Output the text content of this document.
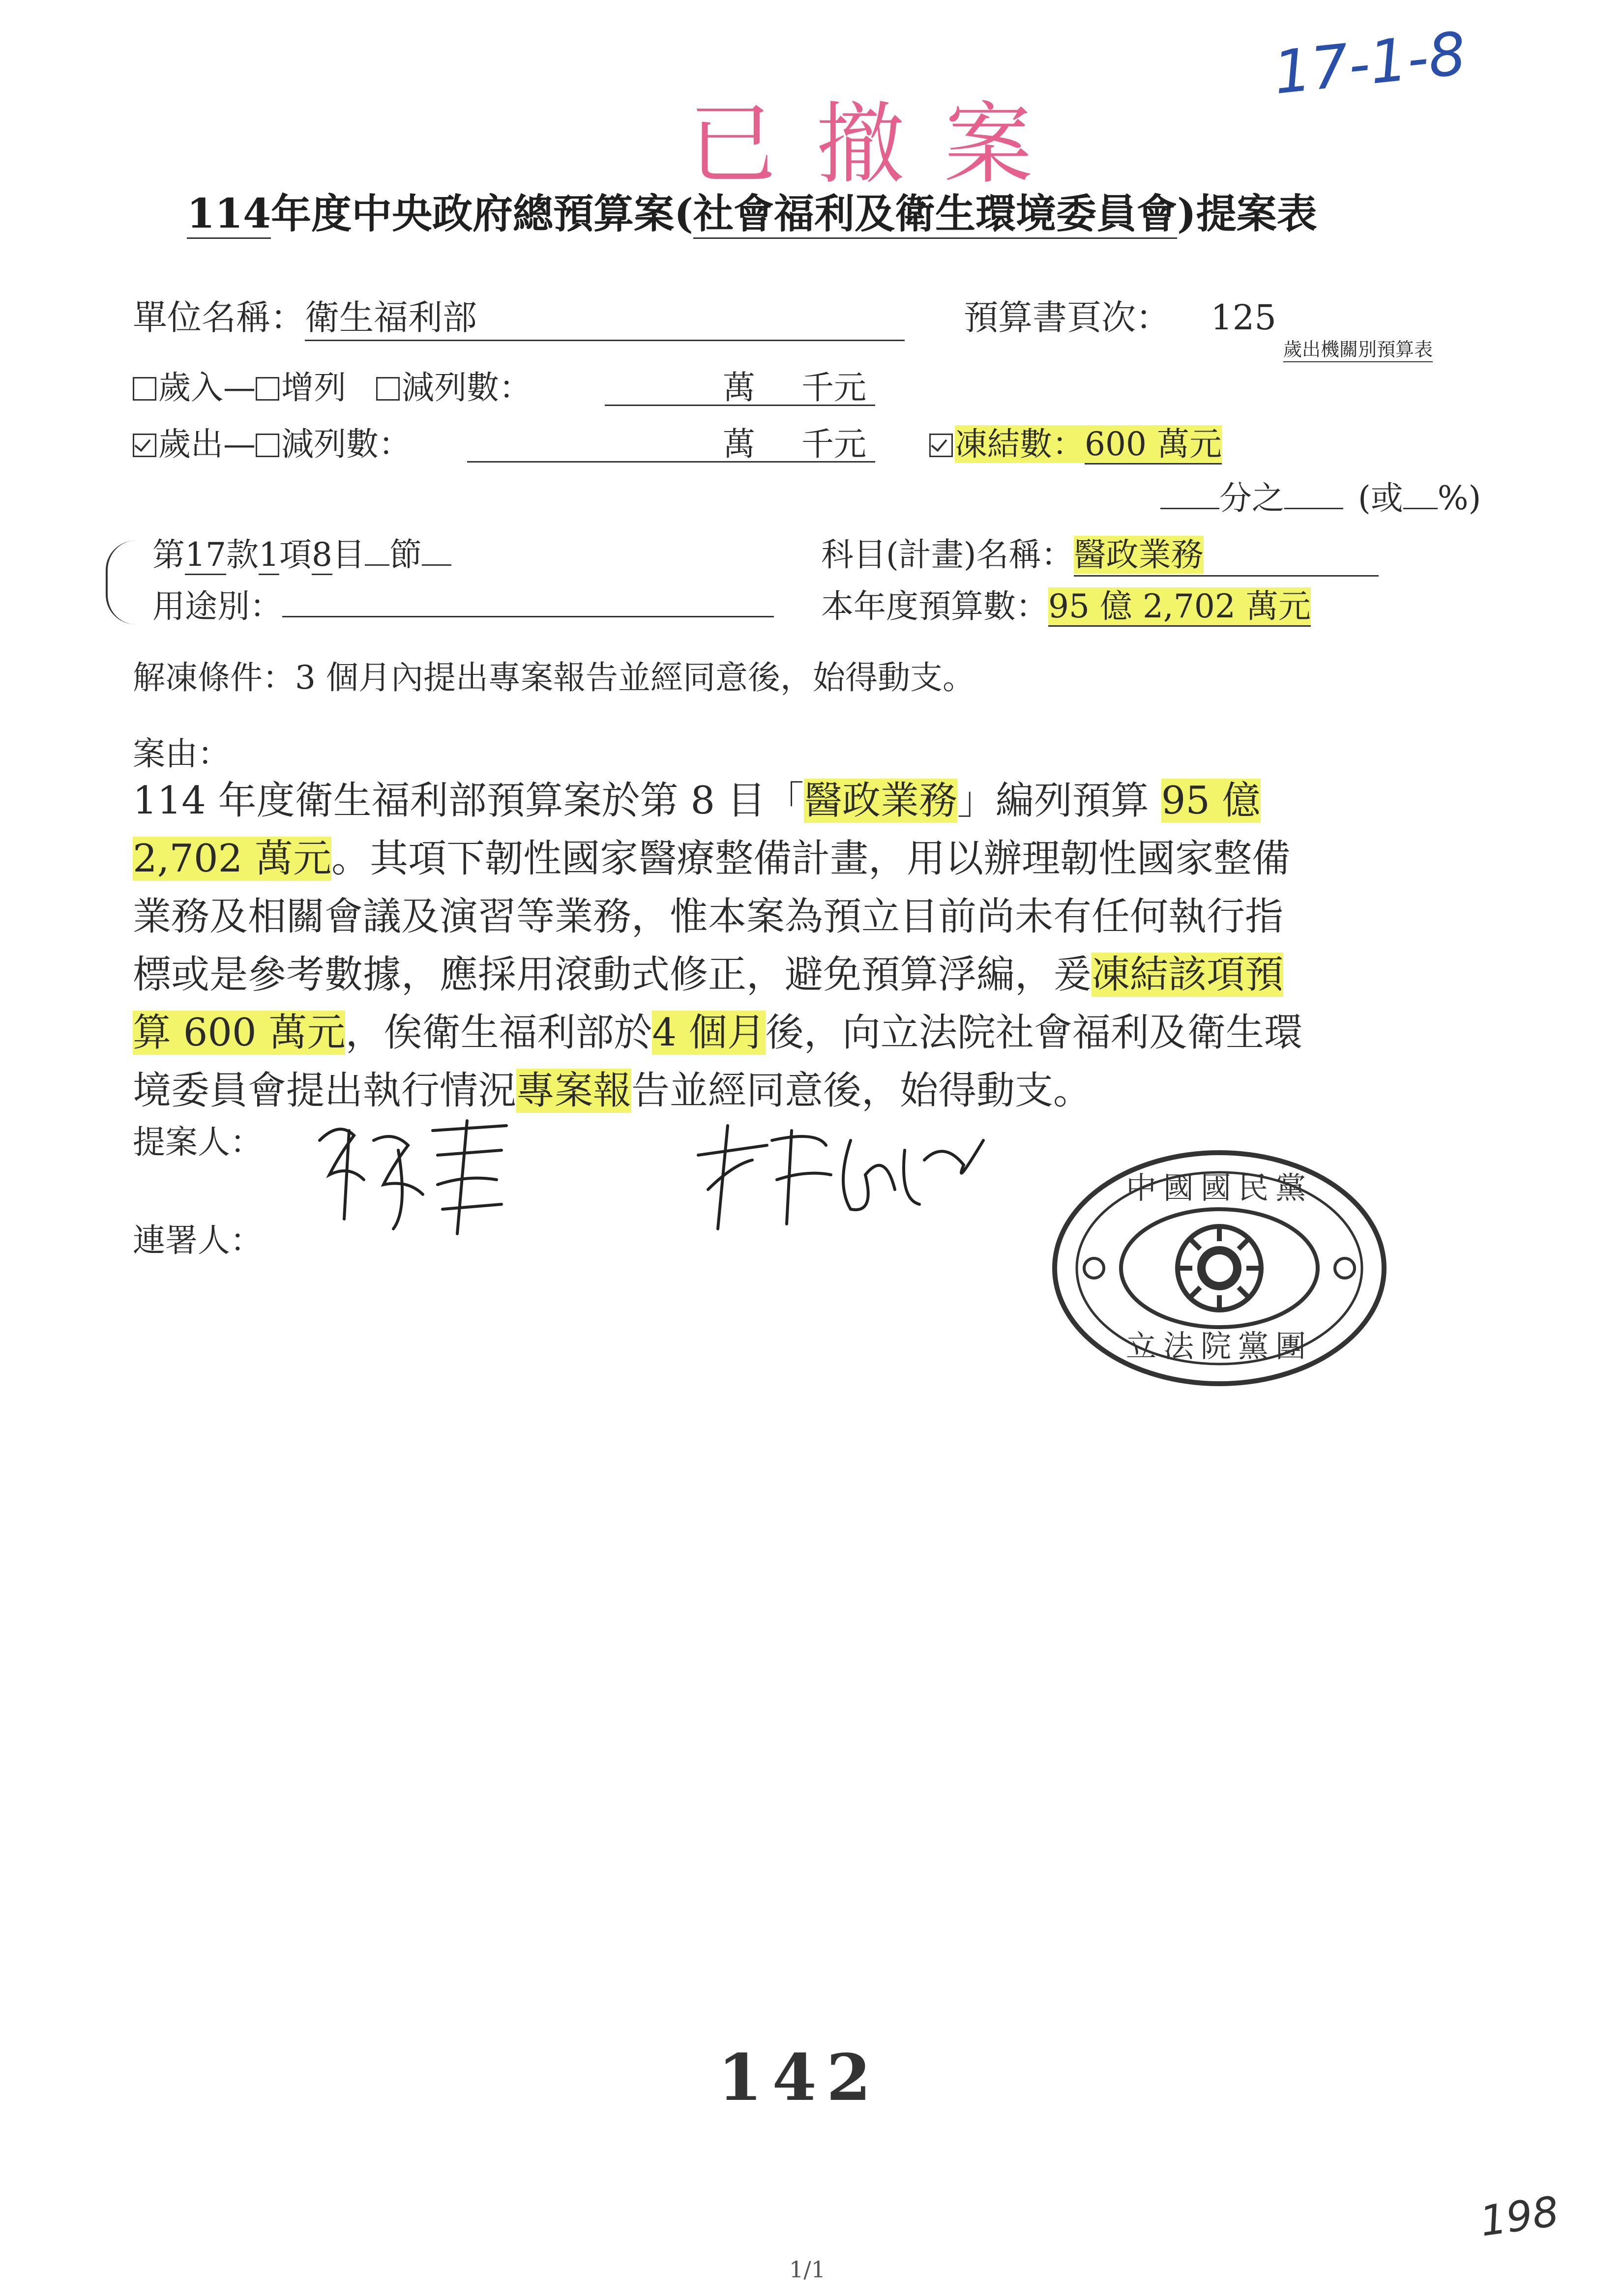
17-1-8
已撤案
114年度中央政府總預算案(社會福利及衛生環境委員會)提案表
單位名稱：衛生福利部	預算書頁次： 125
歲出機關別預算表
歲入— 增列 減列數：	萬 千元
歲出— 減列數：	萬 千元	凍結數：600 萬元
分之 (或 %)
第17款1項8目 節	科目(計畫)名稱：醫政業務
用途別：	本年度預算數：95 億 2,702 萬元
解凍條件：3 個月內提出專案報告並經同意後，始得動支。
案由：
114 年度衛生福利部預算案於第 8 目「醫政業務」編列預算 95 億
2,702 萬元。其項下韌性國家醫療整備計畫，用以辦理韌性國家整備
業務及相關會議及演習等業務，惟本案為預立目前尚未有任何執行指
標或是參考數據，應採用滾動式修正，避免預算浮編，爰凍結該項預
算 600 萬元，俟衛生福利部於4 個月後，向立法院社會福利及衛生環
境委員會提出執行情況專案報告並經同意後，始得動支。
提案人：
連署人：
中國國民黨
立法院黨團
142
198
1/1
